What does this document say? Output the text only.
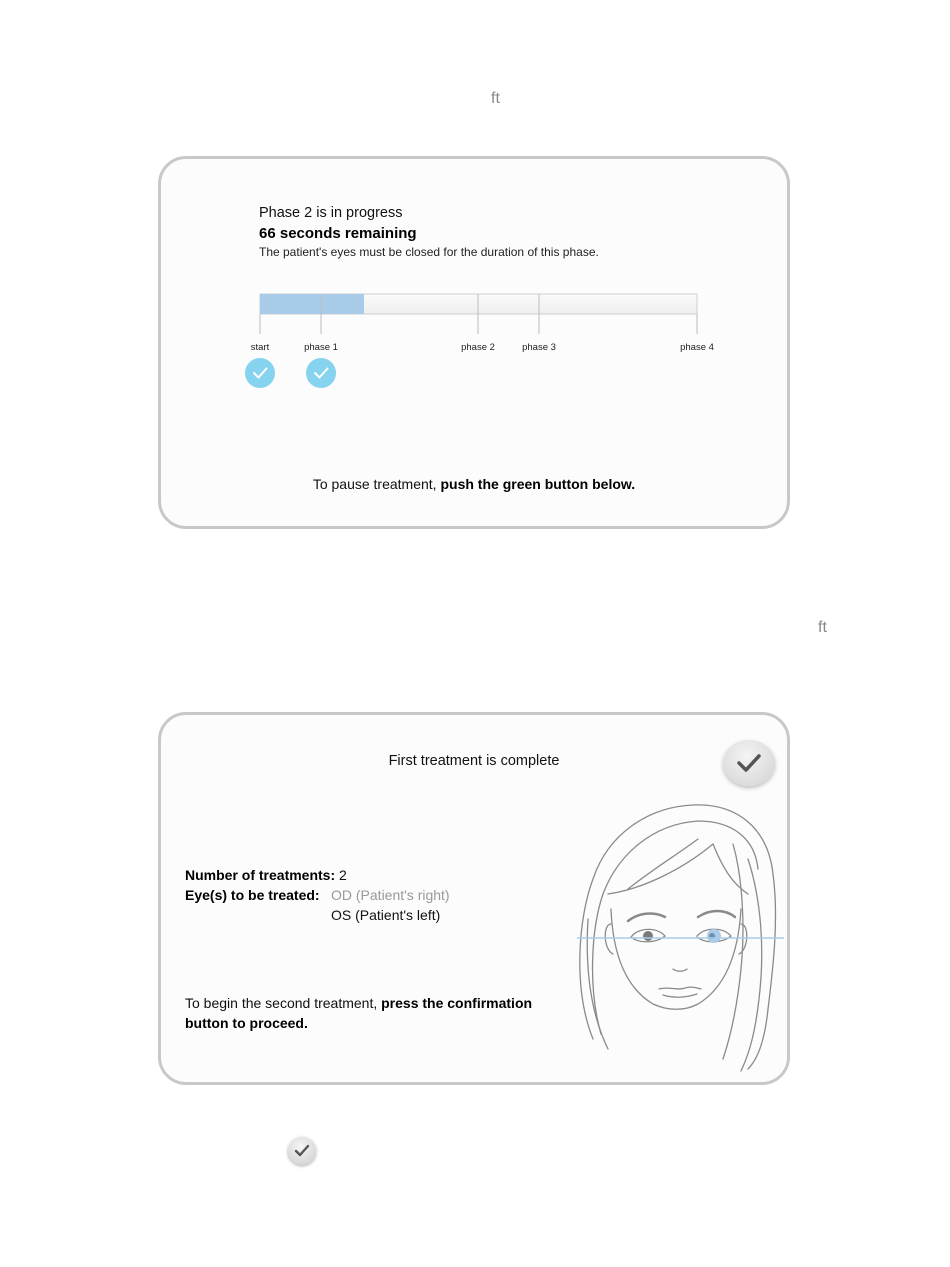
ft
Phase 2 is in progress
66 seconds remaining
The patient's eyes must be closed for the duration of this phase.
start	phase 1	phase 2	phase 3	phase 4
To pause treatment, push the green button below.
ft
First treatment is complete
Number of treatments: 2
Eye(s) to be treated: OD (Patient's right)
OS (Patient's left)
To begin the second treatment, press the confirmation button to proceed.
